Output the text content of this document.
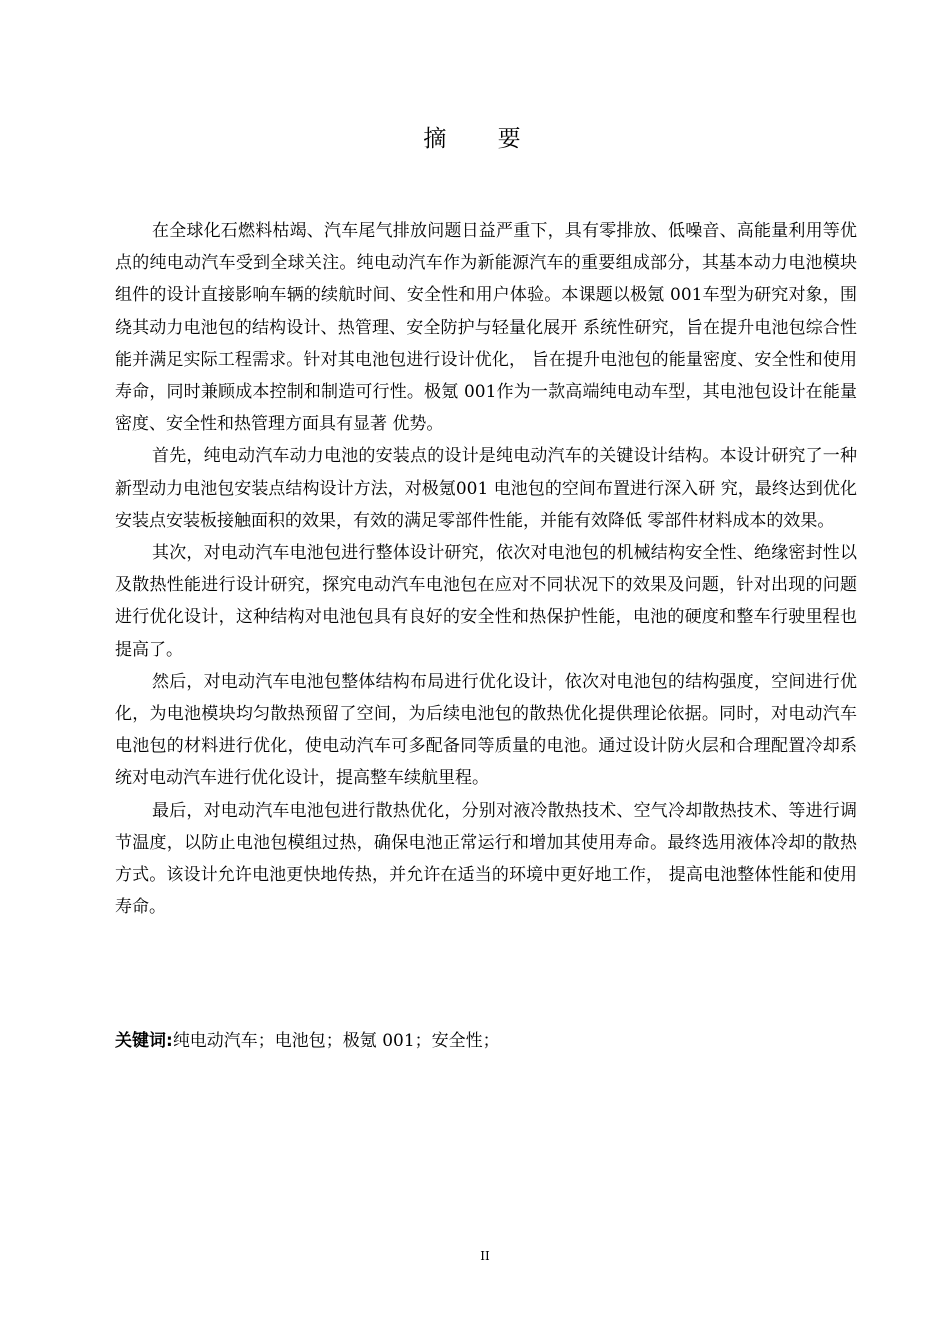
摘 要

在全球化石燃料枯竭、汽车尾气排放问题日益严重下，具有零排放、低噪音、高能量利用等优点的纯电动汽车受到全球关注。纯电动汽车作为新能源汽车的重要组成部分，其基本动力电池模块组件的设计直接影响车辆的续航时间、安全性和用户体验。本课题以极氪 001车型为研究对象，围绕其动力电池包的结构设计、热管理、安全防护与轻量化展开 系统性研究，旨在提升电池包综合性能并满足实际工程需求。针对其电池包进行设计优化， 旨在提升电池包的能量密度、安全性和使用寿命，同时兼顾成本控制和制造可行性。极氪 001作为一款高端纯电动车型，其电池包设计在能量密度、安全性和热管理方面具有显著 优势。

首先，纯电动汽车动力电池的安装点的设计是纯电动汽车的关键设计结构。本设计研究了一种新型动力电池包安装点结构设计方法，对极氪001 电池包的空间布置进行深入研 究，最终达到优化安装点安装板接触面积的效果，有效的满足零部件性能，并能有效降低 零部件材料成本的效果。

其次，对电动汽车电池包进行整体设计研究，依次对电池包的机械结构安全性、绝缘密封性以及散热性能进行设计研究，探究电动汽车电池包在应对不同状况下的效果及问题，针对出现的问题进行优化设计，这种结构对电池包具有良好的安全性和热保护性能，电池的硬度和整车行驶里程也提高了。

然后，对电动汽车电池包整体结构布局进行优化设计，依次对电池包的结构强度，空间进行优化，为电池模块均匀散热预留了空间，为后续电池包的散热优化提供理论依据。同时，对电动汽车电池包的材料进行优化，使电动汽车可多配备同等质量的电池。通过设计防火层和合理配置冷却系统对电动汽车进行优化设计，提高整车续航里程。

最后，对电动汽车电池包进行散热优化，分别对液冷散热技术、空气冷却散热技术、等进行调节温度，以防止电池包模组过热，确保电池正常运行和增加其使用寿命。最终选用液体冷却的散热方式。该设计允许电池更快地传热，并允许在适当的环境中更好地工作， 提高电池整体性能和使用寿命。

关键词:纯电动汽车；电池包；极氪 001；安全性；

II
